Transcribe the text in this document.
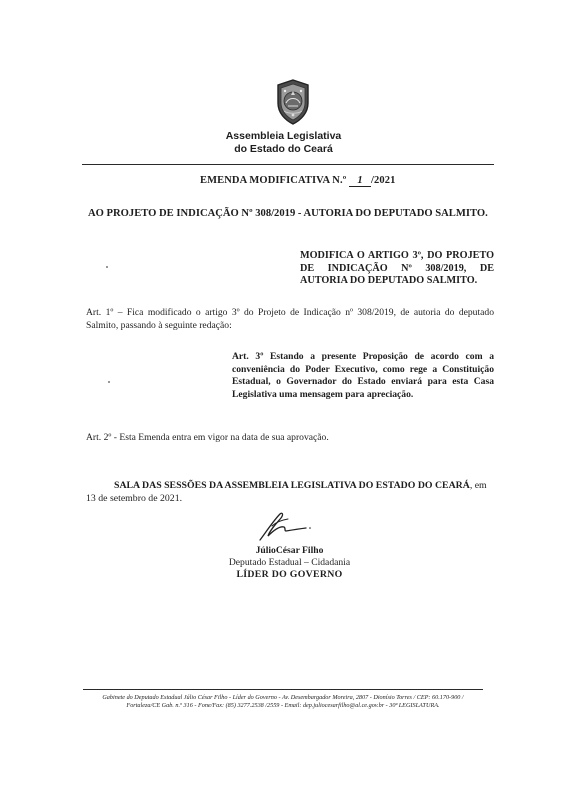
Assembleia Legislativa
do Estado do Ceará
EMENDA MODIFICATIVA N.º 1 /2021
AO PROJETO DE INDICAÇÃO Nº 308/2019 - AUTORIA DO DEPUTADO SALMITO.
MODIFICA O ARTIGO 3º, DO PROJETO
DE INDICAÇÃO Nº 308/2019, DE
AUTORIA DO DEPUTADO SALMITO.
Art. 1º – Fica modificado o artigo 3º do Projeto de Indicação nº 308/2019, de autoria do deputado Salmito, passando à seguinte redação:
Art. 3º Estando a presente Proposição de acordo com a conveniência do Poder Executivo, como rege a Constituição Estadual, o Governador do Estado enviará para esta Casa Legislativa uma mensagem para apreciação.
Art. 2º - Esta Emenda entra em vigor na data de sua aprovação.
SALA DAS SESSÕES DA ASSEMBLEIA LEGISLATIVA DO ESTADO DO CEARÁ, em 13 de setembro de 2021.
JúlioCésar Filho
Deputado Estadual – Cidadania
LÍDER DO GOVERNO
Gabinete do Deputado Estadual Júlio César Filho - Líder do Governo - Av. Desembargador Moreira, 2807 - Dionísio Torres / CEP: 60.170-900 /
Fortaleza/CE Gab. n.º 316 - Fone/Fax: (85) 3277.2538 /2559 - Email: dep.juliocesarfilho@al.ce.gov.br - 30ª LEGISLATURA.
